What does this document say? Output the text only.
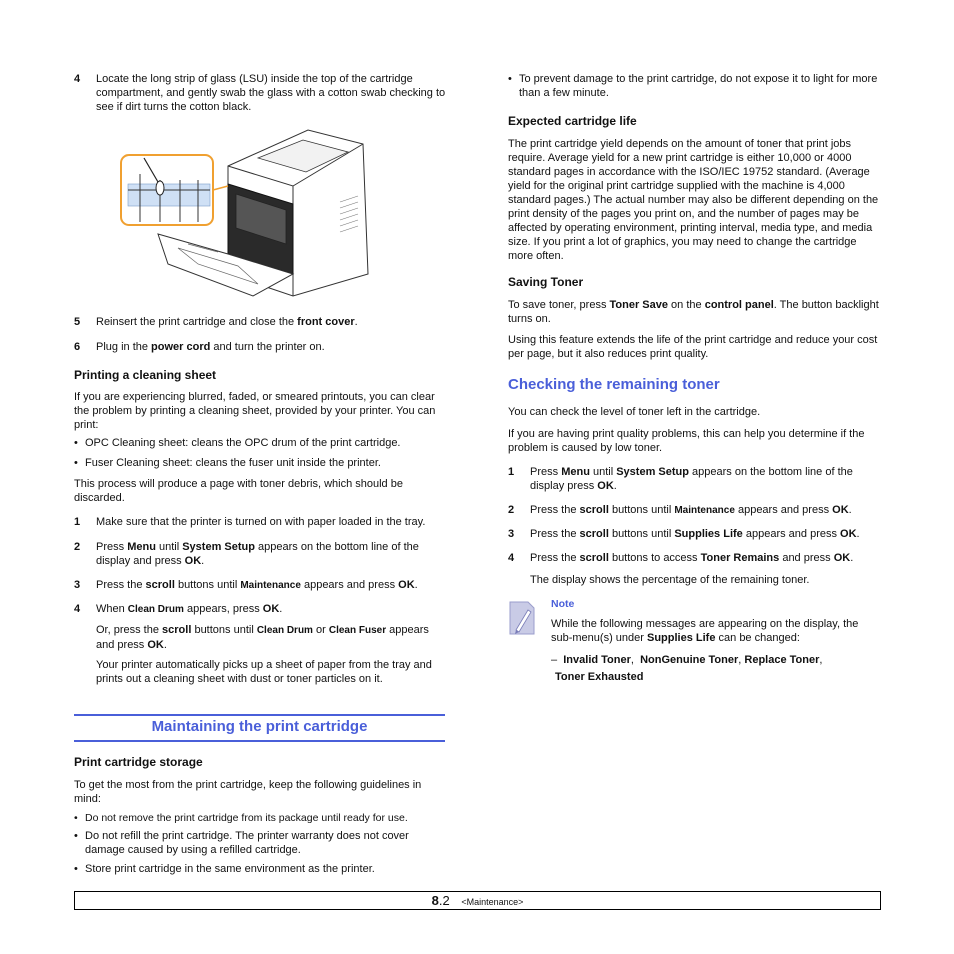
4 Locate the long strip of glass (LSU) inside the top of the cartridge compartment, and gently swab the glass with a cotton swab checking to see if dirt turns the cotton black.

5 Reinsert the print cartridge and close the front cover.

6 Plug in the power cord and turn the printer on.

Printing a cleaning sheet

If you are experiencing blurred, faded, or smeared printouts, you can clear the problem by printing a cleaning sheet, provided by your printer. You can print:

• OPC Cleaning sheet: cleans the OPC drum of the print cartridge.

• Fuser Cleaning sheet: cleans the fuser unit inside the printer.

This process will produce a page with toner debris, which should be discarded.

1 Make sure that the printer is turned on with paper loaded in the tray.

2 Press Menu until System Setup appears on the bottom line of the display and press OK.

3 Press the scroll buttons until Maintenance appears and press OK.

4 When Clean Drum appears, press OK.

Or, press the scroll buttons until Clean Drum or Clean Fuser appears and press OK.

Your printer automatically picks up a sheet of paper from the tray and prints out a cleaning sheet with dust or toner particles on it.

Maintaining the print cartridge
Print cartridge storage

To get the most from the print cartridge, keep the following guidelines in mind:

• Do not remove the print cartridge from its package until ready for use.

• Do not refill the print cartridge. The printer warranty does not cover damage caused by using a refilled cartridge.

• Store print cartridge in the same environment as the printer.

• To prevent damage to the print cartridge, do not expose it to light for more than a few minute.

Expected cartridge life

The print cartridge yield depends on the amount of toner that print jobs require. Average yield for a new print cartridge is either 10,000 or 4000 standard pages in accordance with the ISO/IEC 19752 standard. (Average yield for the original print cartridge supplied with the machine is 4,000 standard pages.) The actual number may also be different depending on the print density of the pages you print on, and the number of pages may be affected by operating environment, printing interval, media type, and media size. If you print a lot of graphics, you may need to change the cartridge more often.

Saving Toner

To save toner, press Toner Save on the control panel. The button backlight turns on.

Using this feature extends the life of the print cartridge and reduce your cost per page, but it also reduces print quality.

Checking the remaining toner

You can check the level of toner left in the cartridge.

If you are having print quality problems, this can help you determine if the problem is caused by low toner.

1 Press Menu until System Setup appears on the bottom line of the display press OK.

2 Press the scroll buttons until Maintenance appears and press OK.

3 Press the scroll buttons until Supplies Life appears and press OK.

4 Press the scroll buttons to access Toner Remains and press OK.

The display shows the percentage of the remaining toner.

Note

While the following messages are appearing on the display, the sub-menu(s) under Supplies Life can be changed:

– Invalid Toner, NonGenuine Toner, Replace Toner,

Toner Exhausted

8.2 <Maintenance>
